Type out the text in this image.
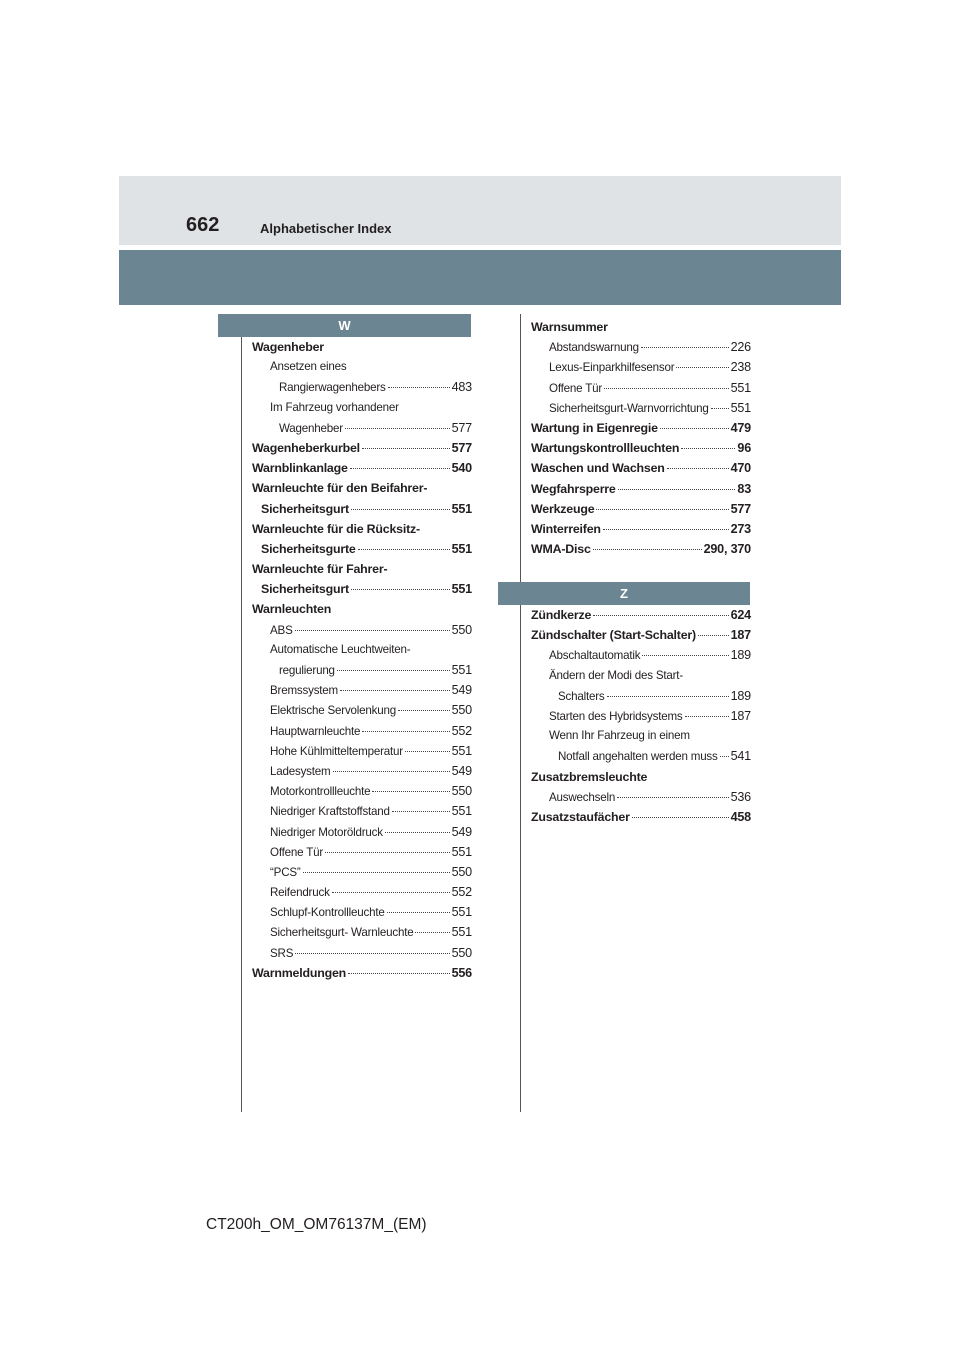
662	Alphabetischer Index
W
Z
Wagenheber
Ansetzen eines
Rangierwagenhebers	483
Im Fahrzeug vorhandener
Wagenheber	577
Wagenheberkurbel	577
Warnblinkanlage	540
Warnleuchte für den Beifahrer-
Sicherheitsgurt	551
Warnleuchte für die Rücksitz-
Sicherheitsgurte	551
Warnleuchte für Fahrer-
Sicherheitsgurt	551
Warnleuchten
ABS	550
Automatische Leuchtweiten-
regulierung	551
Bremssystem	549
Elektrische Servolenkung	550
Hauptwarnleuchte	552
Hohe Kühlmitteltemperatur	551
Ladesystem	549
Motorkontrollleuchte	550
Niedriger Kraftstoffstand	551
Niedriger Motoröldruck	549
Offene Tür	551
“PCS”	550
Reifendruck	552
Schlupf-Kontrollleuchte	551
Sicherheitsgurt- Warnleuchte	551
SRS	550
Warnmeldungen	556
Warnsummer
Abstandswarnung	226
Lexus-Einparkhilfesensor	238
Offene Tür	551
Sicherheitsgurt-Warnvorrichtung 551
Wartung in Eigenregie	479
Wartungskontrollleuchten	96
Waschen und Wachsen	470
Wegfahrsperre	83
Werkzeuge	577
Winterreifen	273
WMA-Disc	290, 370
Zündkerze	624
Zündschalter (Start-Schalter)	187
Abschaltautomatik	189
Ändern der Modi des Start-
Schalters	189
Starten des Hybridsystems	187
Wenn Ihr Fahrzeug in einem
Notfall angehalten werden muss 541
Zusatzbremsleuchte
Auswechseln	536
Zusatzstaufächer	458
CT200h_OM_OM76137M_(EM)
